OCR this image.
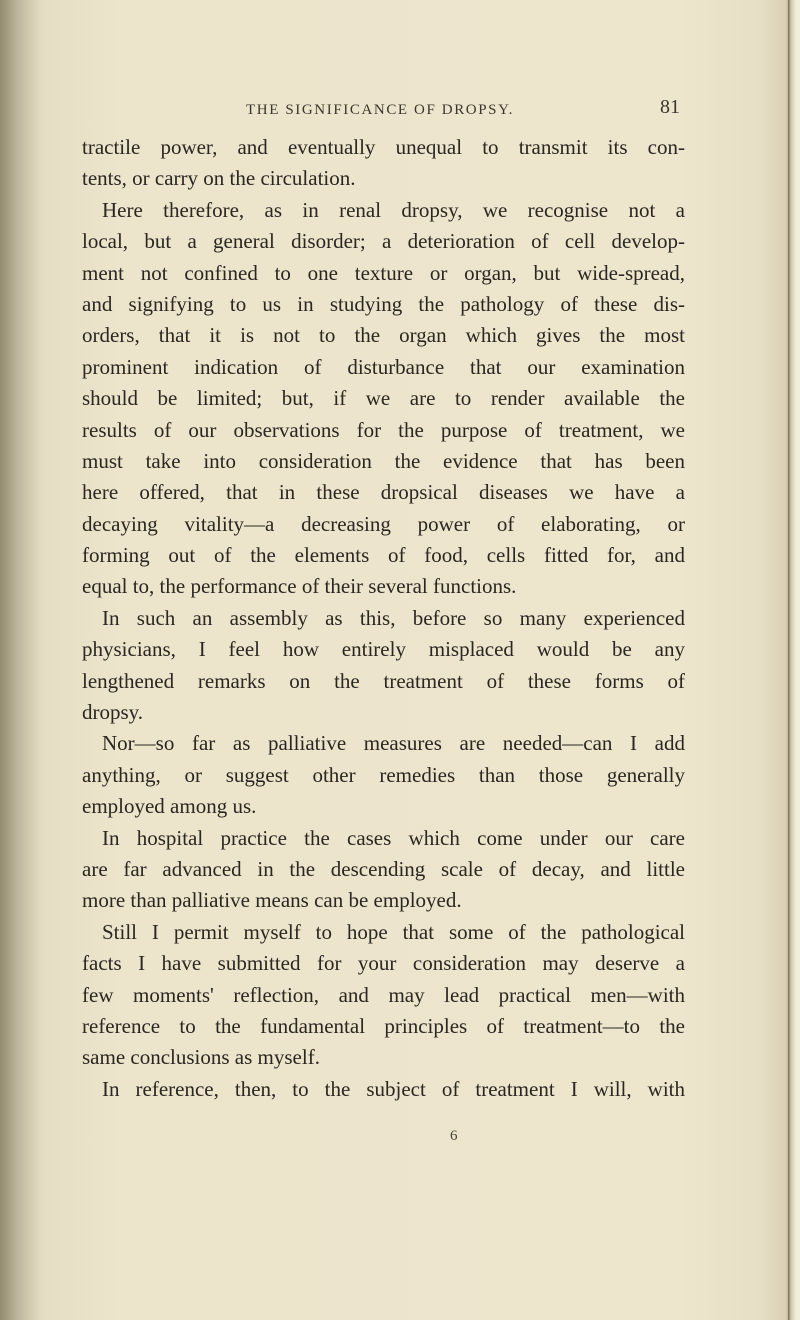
THE SIGNIFICANCE OF DROPSY.	81
tractile power, and eventually unequal to transmit its con-
tents, or carry on the circulation.
Here therefore, as in renal dropsy, we recognise not a
local, but a general disorder; a deterioration of cell develop-
ment not confined to one texture or organ, but wide-spread,
and signifying to us in studying the pathology of these dis-
orders, that it is not to the organ which gives the most
prominent indication of disturbance that our examination
should be limited; but, if we are to render available the
results of our observations for the purpose of treatment, we
must take into consideration the evidence that has been
here offered, that in these dropsical diseases we have a
decaying vitality—a decreasing power of elaborating, or
forming out of the elements of food, cells fitted for, and
equal to, the performance of their several functions.
In such an assembly as this, before so many experienced
physicians, I feel how entirely misplaced would be any
lengthened remarks on the treatment of these forms of
dropsy.
Nor—so far as palliative measures are needed—can I add
anything, or suggest other remedies than those generally
employed among us.
In hospital practice the cases which come under our care
are far advanced in the descending scale of decay, and little
more than palliative means can be employed.
Still I permit myself to hope that some of the pathological
facts I have submitted for your consideration may deserve a
few moments' reflection, and may lead practical men—with
reference to the fundamental principles of treatment—to the
same conclusions as myself.
In reference, then, to the subject of treatment I will, with
6
